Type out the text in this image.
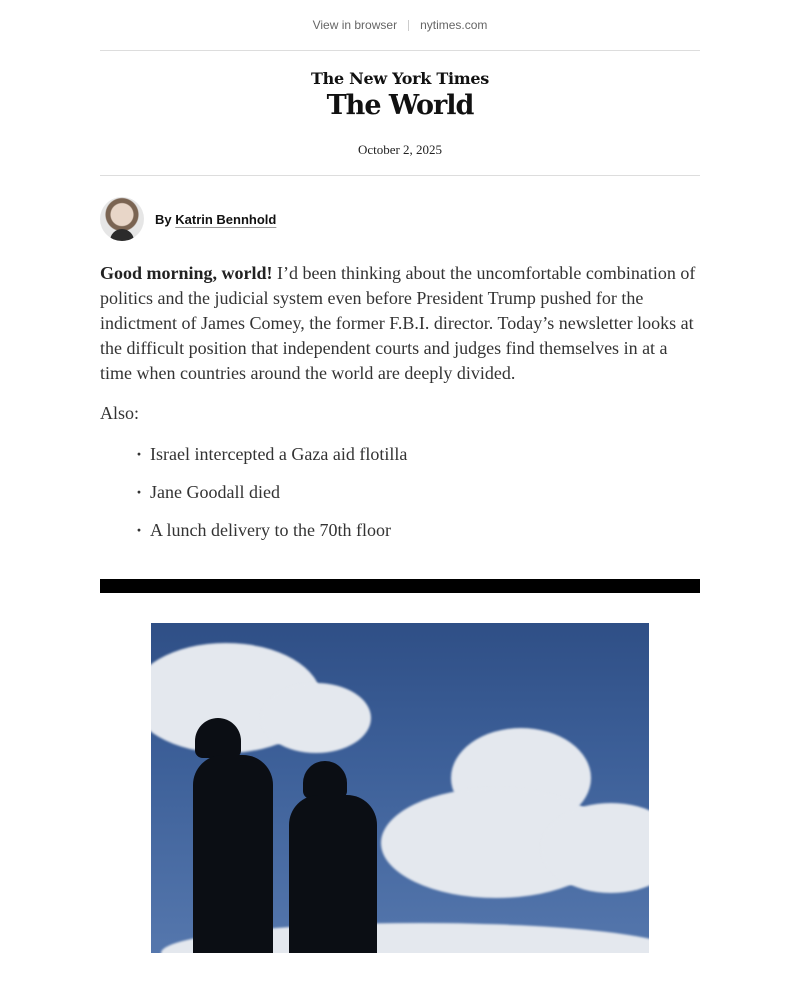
View in browser nytimes.com
The New York Times
The World
October 2, 2025
By Katrin Bennhold

Good morning, world! I’d been thinking about the uncomfortable combination of politics and the judicial system even before President Trump pushed for the indictment of James Comey, the former F.B.I. director. Today’s newsletter looks at the difficult position that independent courts and judges find themselves in at a time when countries around the world are deeply divided.

Also:

· Israel intercepted a Gaza aid flotilla
· Jane Goodall died
· A lunch delivery to the 70th floor
